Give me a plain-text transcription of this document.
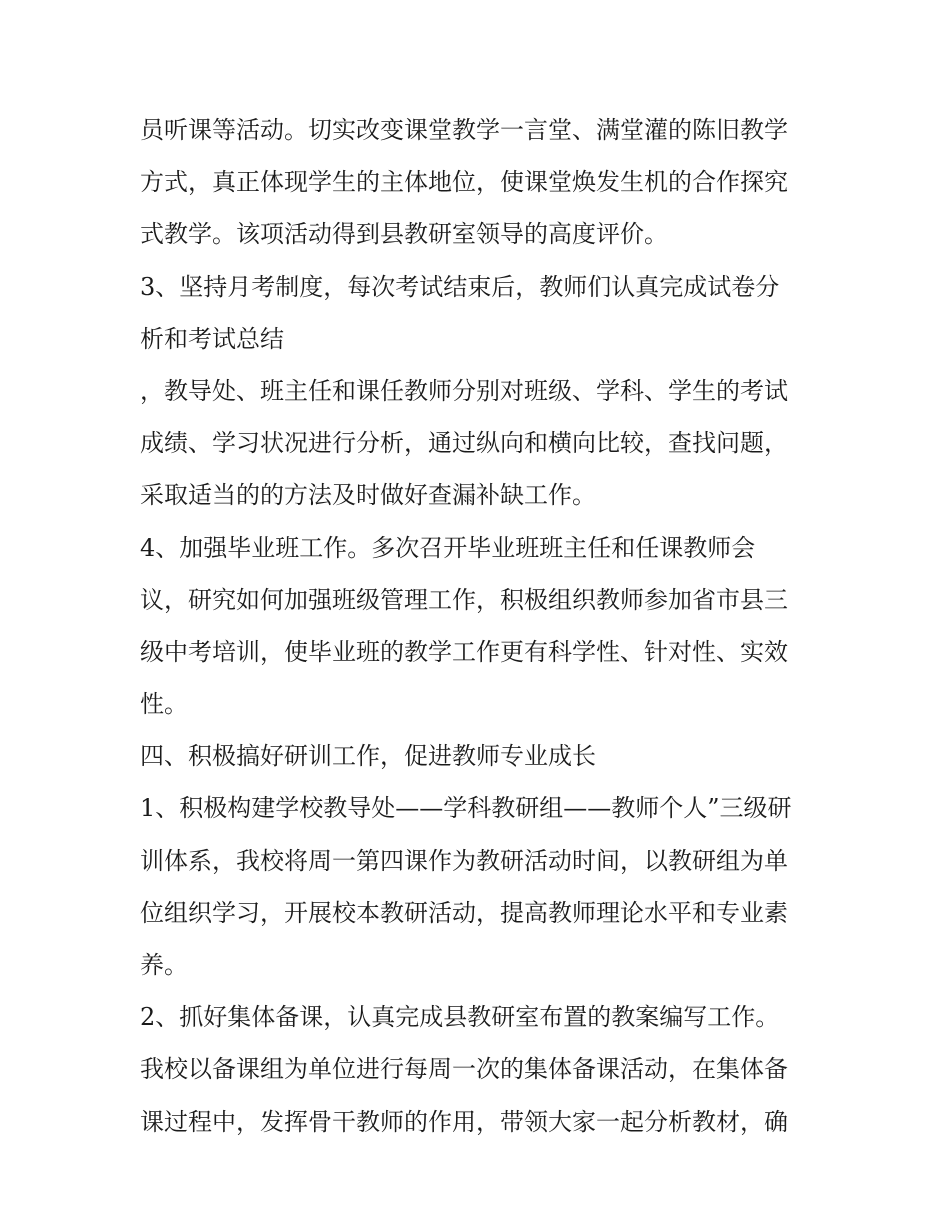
员听课等活动。切实改变课堂教学一言堂、满堂灌的陈旧教学
方式，真正体现学生的主体地位，使课堂焕发生机的合作探究
式教学。该项活动得到县教研室领导的高度评价。
3、坚持月考制度，每次考试结束后，教师们认真完成试卷分
析和考试总结
，教导处、班主任和课任教师分别对班级、学科、学生的考试
成绩、学习状况进行分析，通过纵向和横向比较，查找问题，
采取适当的的方法及时做好查漏补缺工作。
4、加强毕业班工作。多次召开毕业班班主任和任课教师会
议，研究如何加强班级管理工作，积极组织教师参加省市县三
级中考培训，使毕业班的教学工作更有科学性、针对性、实效
性。
四、积极搞好研训工作，促进教师专业成长
1、积极构建学校教导处——学科教研组——教师个人”三级研
训体系，我校将周一第四课作为教研活动时间，以教研组为单
位组织学习，开展校本教研活动，提高教师理论水平和专业素
养。
2、抓好集体备课，认真完成县教研室布置的教案编写工作。
我校以备课组为单位进行每周一次的集体备课活动，在集体备
课过程中，发挥骨干教师的作用，带领大家一起分析教材，确
